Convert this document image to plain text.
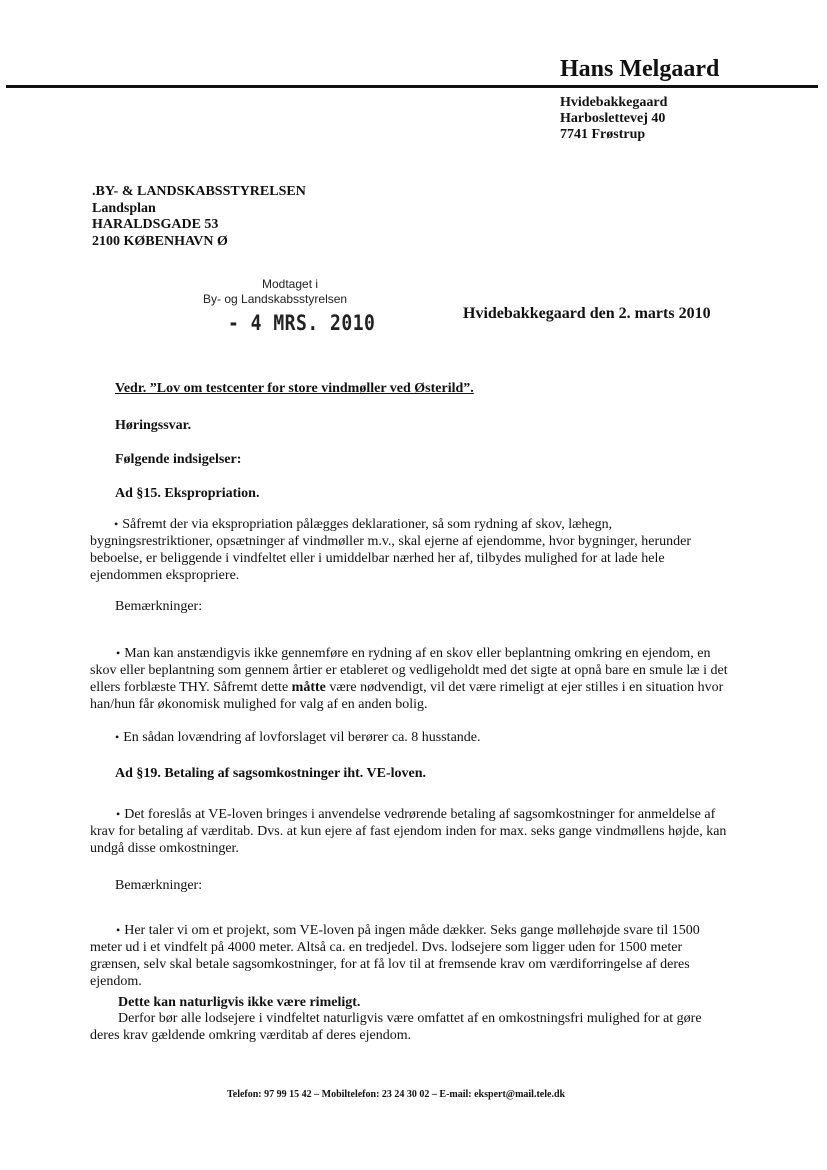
Hans Melgaard
Hvidebakkegaard
Harboslettevej 40
7741 Frøstrup
.BY- & LANDSKABSSTYRELSEN
Landsplan
HARALDSGADE 53
2100 KØBENHAVN Ø
Modtaget i
By- og Landskabsstyrelsen
- 4 MRS. 2010	Hvidebakkegaard den 2. marts 2010
Vedr. ”Lov om testcenter for store vindmøller ved Østerild”.
Høringssvar.
Følgende indsigelser:
Ad §15. Ekspropriation.
• Såfremt der via ekspropriation pålægges deklarationer, så som rydning af skov, læhegn, bygningsrestriktioner, opsætninger af vindmøller m.v., skal ejerne af ejendomme, hvor bygninger, herunder beboelse, er beliggende i vindfeltet eller i umiddelbar nærhed her af, tilbydes mulighed for at lade hele ejendommen ekspropriere.
Bemærkninger:
• Man kan anstændigvis ikke gennemføre en rydning af en skov eller beplantning omkring en ejendom, en skov eller beplantning som gennem årtier er etableret og vedligeholdt med det sigte at opnå bare en smule læ i det ellers forblæste THY. Såfremt dette måtte være nødvendigt, vil det være rimeligt at ejer stilles i en situation hvor han/hun får økonomisk mulighed for valg af en anden bolig.
• En sådan lovændring af lovforslaget vil berører ca. 8 husstande.
Ad §19. Betaling af sagsomkostninger iht. VE-loven.
• Det foreslås at VE-loven bringes i anvendelse vedrørende betaling af sagsomkostninger for anmeldelse af krav for betaling af værditab. Dvs. at kun ejere af fast ejendom inden for max. seks gange vindmøllens højde, kan undgå disse omkostninger.
Bemærkninger:
• Her taler vi om et projekt, som VE-loven på ingen måde dækker. Seks gange møllehøjde svare til 1500 meter ud i et vindfelt på 4000 meter. Altså ca. en tredjedel. Dvs. lodsejere som ligger uden for 1500 meter grænsen, selv skal betale sagsomkostninger, for at få lov til at fremsende krav om værdiforringelse af deres ejendom.
Dette kan naturligvis ikke være rimeligt.
Derfor bør alle lodsejere i vindfeltet naturligvis være omfattet af en omkostningsfri mulighed for at gøre deres krav gældende omkring værditab af deres ejendom.
Telefon: 97 99 15 42 – Mobiltelefon: 23 24 30 02 – E-mail: ekspert@mail.tele.dk
